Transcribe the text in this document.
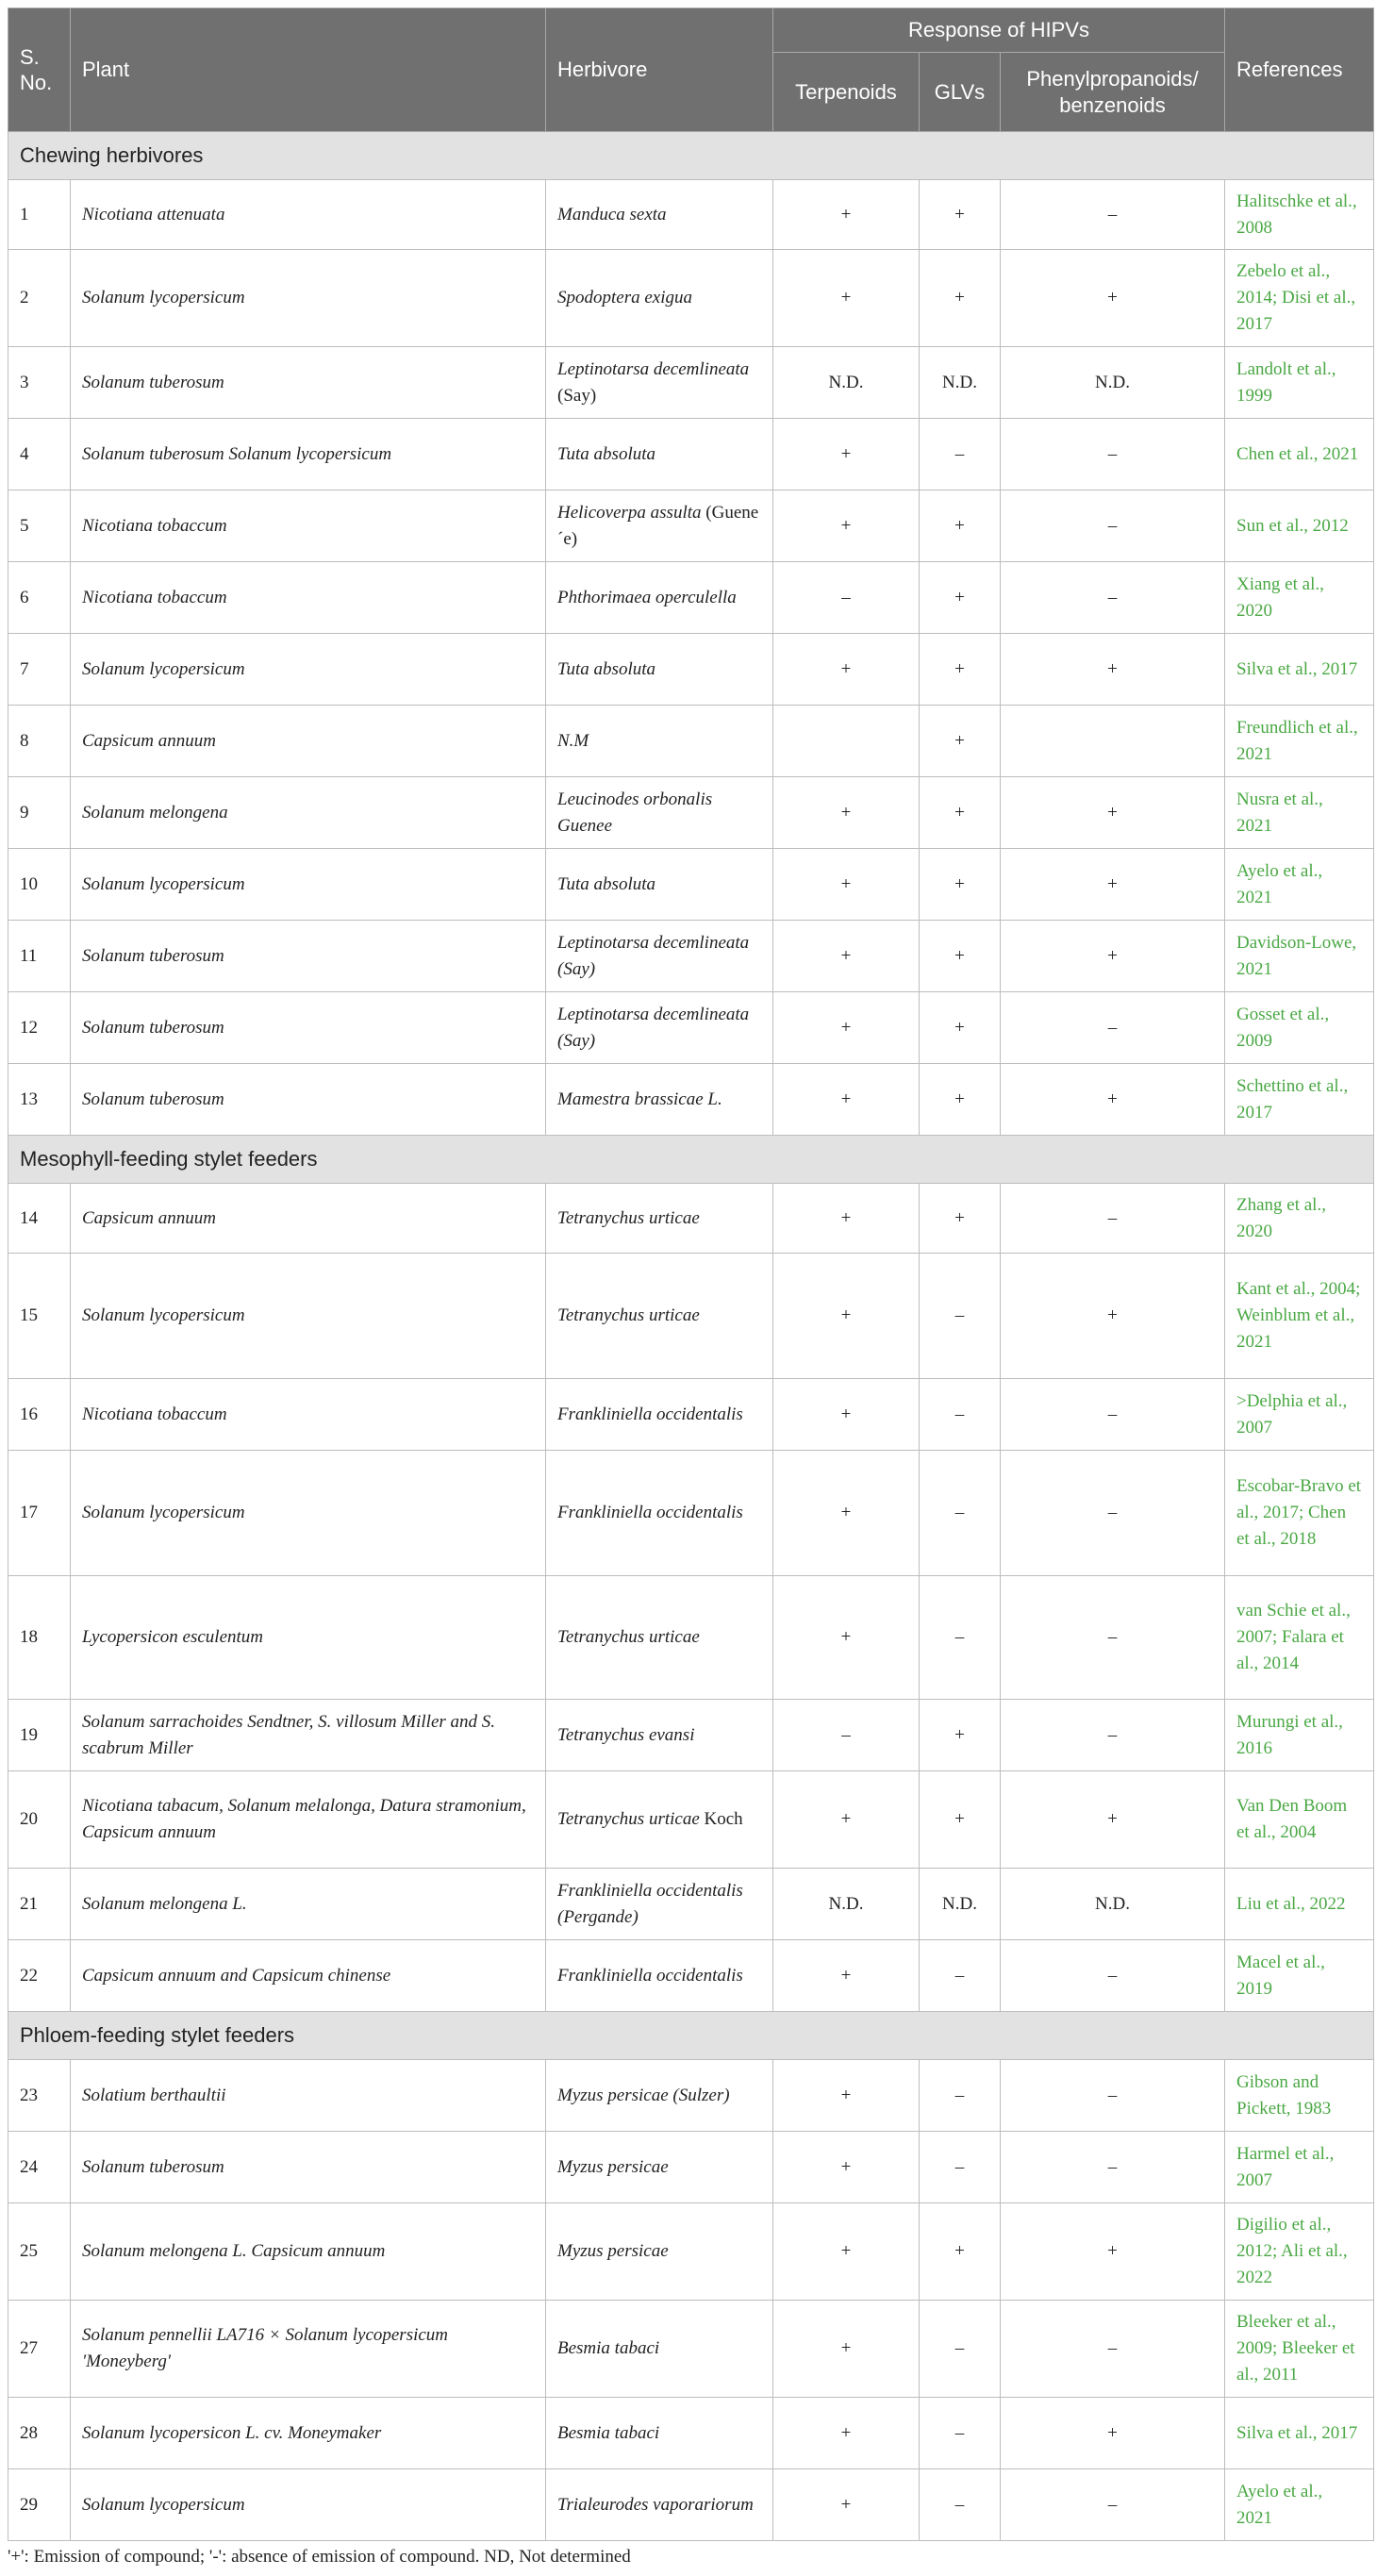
S. No.	Plant	Herbivore	Response of HIPVs			References
			Terpenoids	GLVs	Phenylpropanoids/ benzenoids	
Chewing herbivores						
1	Nicotiana attenuata	Manduca sexta	+	+	–	Halitschke et al., 2008
2	Solanum lycopersicum	Spodoptera exigua	+	+	+	Zebelo et al., 2014; Disi et al., 2017
3	Solanum tuberosum	Leptinotarsa decemlineata (Say)	N.D.	N.D.	N.D.	Landolt et al., 1999
4	Solanum tuberosum Solanum lycopersicum	Tuta absoluta	+	–	–	Chen et al., 2021
5	Nicotiana tobaccum	Helicoverpa assulta (Guene´e)	+	+	–	Sun et al., 2012
6	Nicotiana tobaccum	Phthorimaea operculella	–	+	–	Xiang et al., 2020
7	Solanum lycopersicum	Tuta absoluta	+	+	+	Silva et al., 2017
8	Capsicum annuum	N.M		+		Freundlich et al., 2021
9	Solanum melongena	Leucinodes orbonalis Guenee	+	+	+	Nusra et al., 2021
10	Solanum lycopersicum	Tuta absoluta	+	+	+	Ayelo et al., 2021
11	Solanum tuberosum	Leptinotarsa decemlineata (Say)	+	+	+	Davidson-Lowe, 2021
12	Solanum tuberosum	Leptinotarsa decemlineata (Say)	+	+	–	Gosset et al., 2009
13	Solanum tuberosum	Mamestra brassicae L.	+	+	+	Schettino et al., 2017
Mesophyll-feeding stylet feeders						
14	Capsicum annuum	Tetranychus urticae	+	+	–	Zhang et al., 2020
15	Solanum lycopersicum	Tetranychus urticae	+	–	+	Kant et al., 2004; Weinblum et al., 2021
16	Nicotiana tobaccum	Frankliniella occidentalis	+	–	–	>Delphia et al., 2007
17	Solanum lycopersicum	Frankliniella occidentalis	+	–	–	Escobar-Bravo et al., 2017; Chen et al., 2018
18	Lycopersicon esculentum	Tetranychus urticae	+	–	–	van Schie et al., 2007; Falara et al., 2014
19	Solanum sarrachoides Sendtner, S. villosum Miller and S. scabrum Miller	Tetranychus evansi	–	+	–	Murungi et al., 2016
20	Nicotiana tabacum, Solanum melalonga, Datura stramonium, Capsicum annuum	Tetranychus urticae Koch	+	+	+	Van Den Boom et al., 2004
21	Solanum melongena L.	Frankliniella occidentalis (Pergande)	N.D.	N.D.	N.D.	Liu et al., 2022
22	Capsicum annuum and Capsicum chinense	Frankliniella occidentalis	+	–	–	Macel et al., 2019
Phloem-feeding stylet feeders						
23	Solatium berthaultii	Myzus persicae (Sulzer)	+	–	–	Gibson and Pickett, 1983
24	Solanum tuberosum	Myzus persicae	+	–	–	Harmel et al., 2007
25	Solanum melongena L. Capsicum annuum	Myzus persicae	+	+	+	Digilio et al., 2012; Ali et al., 2022
27	Solanum pennellii LA716 × Solanum lycopersicum 'Moneyberg'	Besmia tabaci	+	–	–	Bleeker et al., 2009; Bleeker et al., 2011
28	Solanum lycopersicon L. cv. Moneymaker	Besmia tabaci	+	–	+	Silva et al., 2017
29	Solanum lycopersicum	Trialeurodes vaporariorum	+	–	–	Ayelo et al., 2021
'+': Emission of compound; '-': absence of emission of compound. ND, Not determined
